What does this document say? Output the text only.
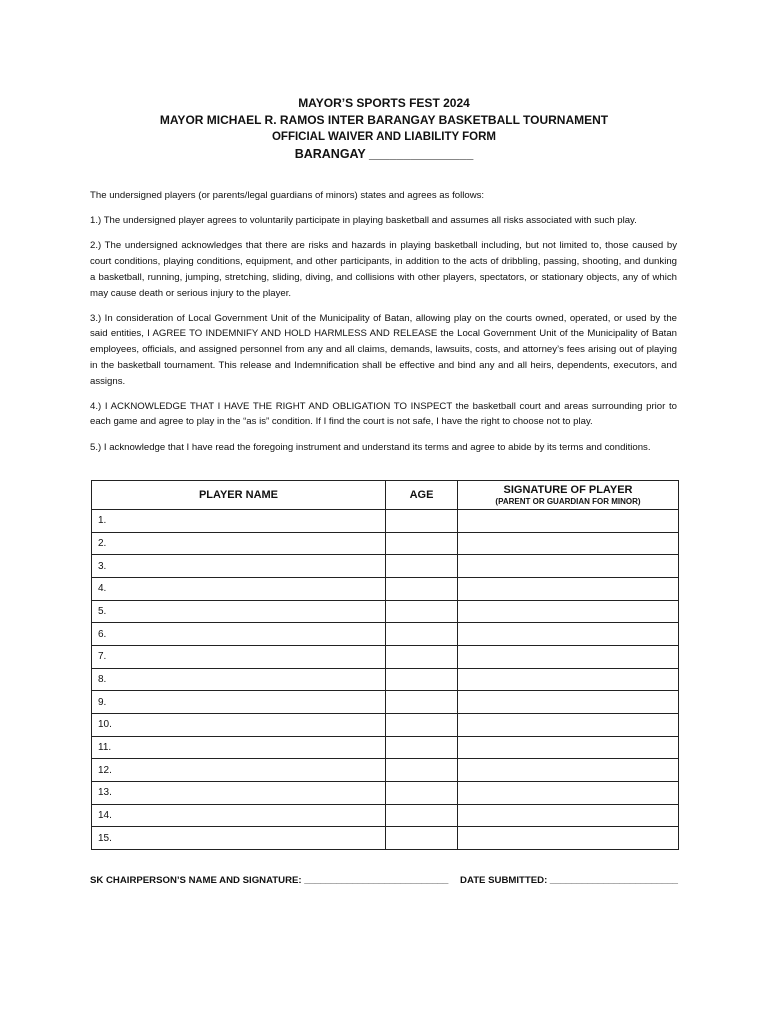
MAYOR’S SPORTS FEST 2024
MAYOR MICHAEL R. RAMOS INTER BARANGAY BASKETBALL TOURNAMENT
OFFICIAL WAIVER AND LIABILITY FORM
BARANGAY _______________

The undersigned players (or parents/legal guardians of minors) states and agrees as follows:

1.) The undersigned player agrees to voluntarily participate in playing basketball and assumes all risks associated with such play.

2.) The undersigned acknowledges that there are risks and hazards in playing basketball including, but not limited to, those caused by court conditions, playing conditions, equipment, and other participants, in addition to the acts of dribbling, passing, shooting, and dunking a basketball, running, jumping, stretching, sliding, diving, and collisions with other players, spectators, or stationary objects, any of which may cause death or serious injury to the player.

3.) In consideration of Local Government Unit of the Municipality of Batan, allowing play on the courts owned, operated, or used by the said entities, I AGREE TO INDEMNIFY AND HOLD HARMLESS AND RELEASE the Local Government Unit of the Municipality of Batan employees, officials, and assigned personnel from any and all claims, demands, lawsuits, costs, and attorney’s fees arising out of playing in the basketball tournament. This release and Indemnification shall be effective and bind any and all heirs, dependents, executors, and assigns.

4.) I ACKNOWLEDGE THAT I HAVE THE RIGHT AND OBLIGATION TO INSPECT the basketball court and areas surrounding prior to each game and agree to play in the “as is” condition. If I find the court is not safe, I have the right to choose not to play.

5.) I acknowledge that I have read the foregoing instrument and understand its terms and agree to abide by its terms and conditions.

PLAYER NAME	AGE	SIGNATURE OF PLAYER
(PARENT OR GUARDIAN FOR MINOR)

1.		
2.		
3.		
4.		
5.		
6.		
7.		
8.		
9.		
10.		
11.		
12.		
13.		
14.		
15.		
SK CHAIRPERSON’S NAME AND SIGNATURE: ___________________________ DATE SUBMITTED: ________________________
